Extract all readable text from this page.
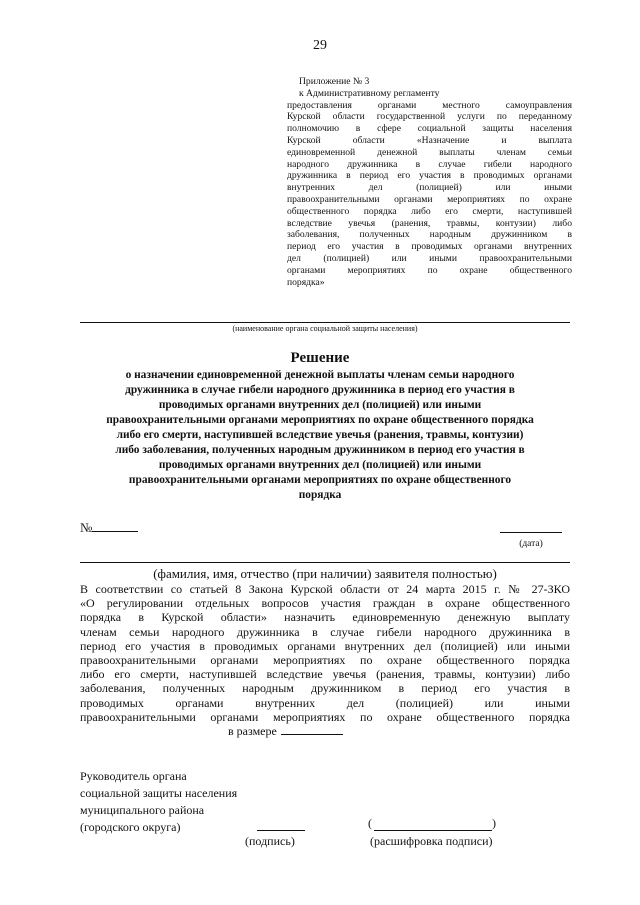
29
Приложение № 3
к Административному регламенту
предоставления органами местного самоуправления
Курской области государственной услуги по переданному
полномочию в сфере социальной защиты населения
Курской области «Назначение и выплата
единовременной денежной выплаты членам семьи
народного дружинника в случае гибели народного
дружинника в период его участия в проводимых органами
внутренних дел (полицией) или иными
правоохранительными органами мероприятиях по охране
общественного порядка либо его смерти, наступившей
вследствие увечья (ранения, травмы, контузии) либо
заболевания, полученных народным дружинником в
период его участия в проводимых органами внутренних
дел (полицией) или иными правоохранительными
органами мероприятиях по охране общественного
порядка»
(наименование органа социальной защиты населения)
Решение
о назначении единовременной денежной выплаты членам семьи народного
дружинника в случае гибели народного дружинника в период его участия в
проводимых органами внутренних дел (полицией) или иными
правоохранительными органами мероприятиях по охране общественного порядка
либо его смерти, наступившей вследствие увечья (ранения, травмы, контузии)
либо заболевания, полученных народным дружинником в период его участия в
проводимых органами внутренних дел (полицией) или иными
правоохранительными органами мероприятиях по охране общественного
порядка
№
(дата)
(фамилия, имя, отчество (при наличии) заявителя полностью)
В соответствии со статьей 8 Закона Курской области от 24 марта 2015 г. № 27-ЗКО
«О регулировании отдельных вопросов участия граждан в охране общественного
порядка в Курской области» назначить единовременную денежную выплату
членам семьи народного дружинника в случае гибели народного дружинника в
период его участия в проводимых органами внутренних дел (полицией) или иными
правоохранительными органами мероприятиях по охране общественного порядка
либо его смерти, наступившей вследствие увечья (ранения, травмы, контузии) либо
заболевания, полученных народным дружинником в период его участия в
проводимых органами внутренних дел (полицией) или иными
правоохранительными органами мероприятиях по охране общественного порядка
в размере
Руководитель органа
социальной защиты населения
муниципального района
(городского округа)
(подпись)
(	)
(расшифровка подписи)
